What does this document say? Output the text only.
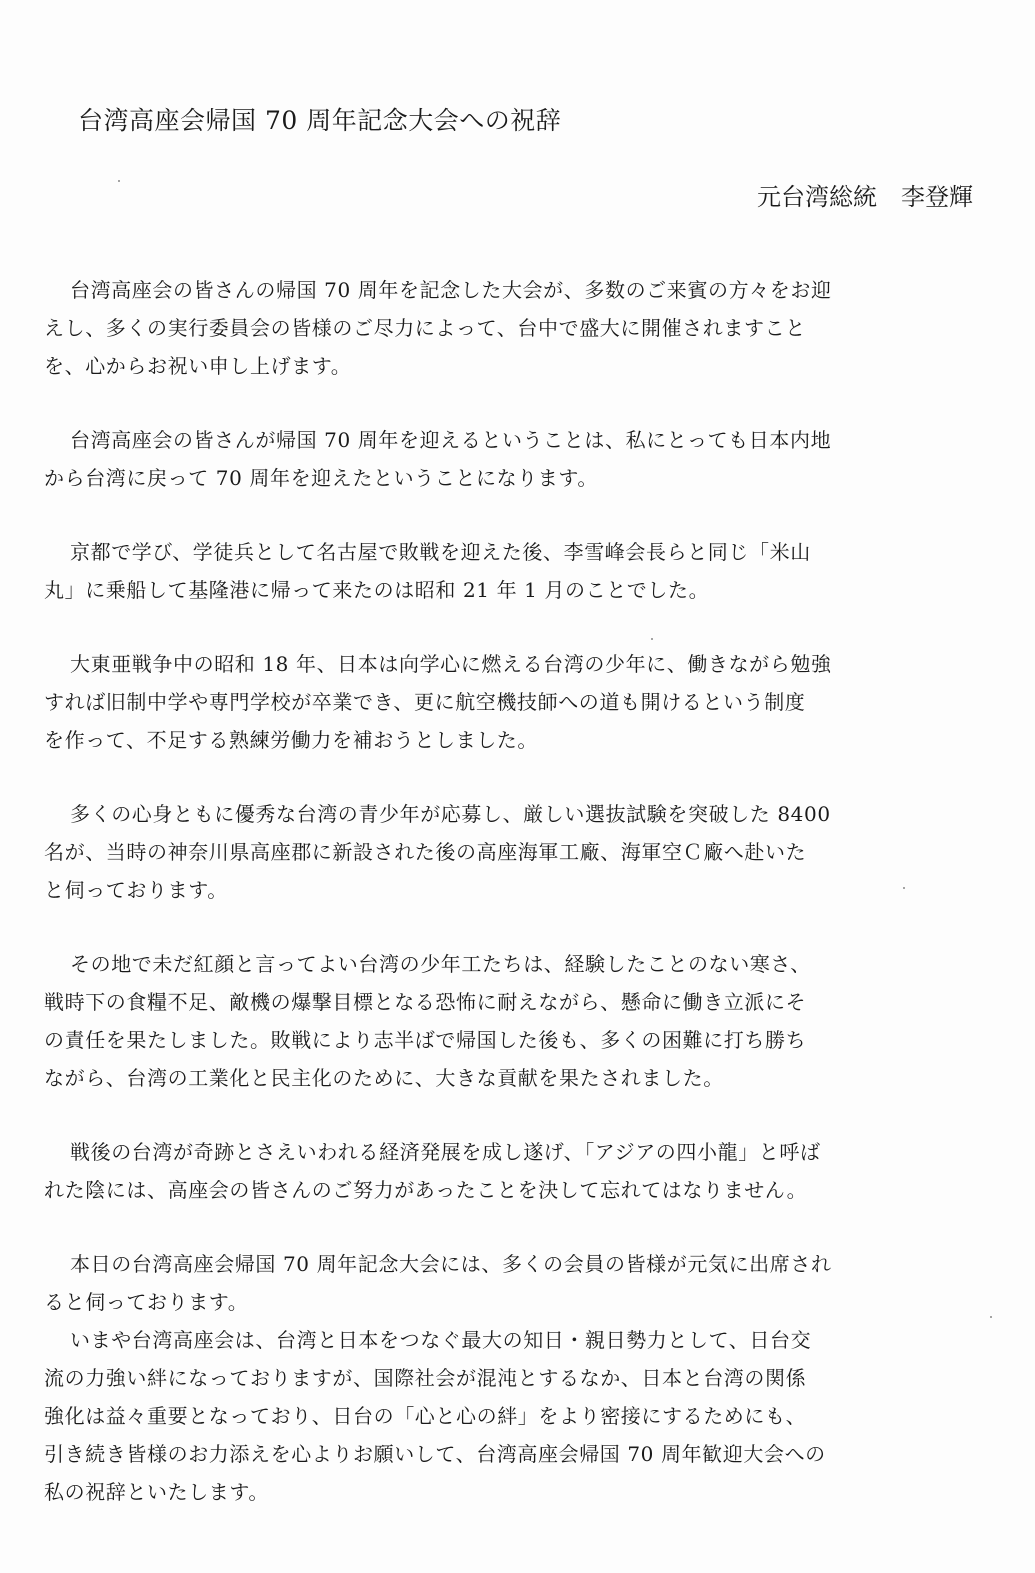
台湾高座会帰国 70 周年記念大会への祝辞
元台湾総統　李登輝
台湾高座会の皆さんの帰国 70 周年を記念した大会が、多数のご来賓の方々をお迎
えし、多くの実行委員会の皆様のご尽力によって、台中で盛大に開催されますこと
を、心からお祝い申し上げます。
台湾高座会の皆さんが帰国 70 周年を迎えるということは、私にとっても日本内地
から台湾に戻って 70 周年を迎えたということになります。
京都で学び、学徒兵として名古屋で敗戦を迎えた後、李雪峰会長らと同じ「米山
丸」に乗船して基隆港に帰って来たのは昭和 21 年 1 月のことでした。
大東亜戦争中の昭和 18 年、日本は向学心に燃える台湾の少年に、働きながら勉強
すれば旧制中学や専門学校が卒業でき、更に航空機技師への道も開けるという制度
を作って、不足する熟練労働力を補おうとしました。
多くの心身ともに優秀な台湾の青少年が応募し、厳しい選抜試験を突破した 8400
名が、当時の神奈川県高座郡に新設された後の高座海軍工廠、海軍空Ｃ廠へ赴いた
と伺っております。
その地で未だ紅顔と言ってよい台湾の少年工たちは、経験したことのない寒さ、
戦時下の食糧不足、敵機の爆撃目標となる恐怖に耐えながら、懸命に働き立派にそ
の責任を果たしました。敗戦により志半ばで帰国した後も、多くの困難に打ち勝ち
ながら、台湾の工業化と民主化のために、大きな貢献を果たされました。
戦後の台湾が奇跡とさえいわれる経済発展を成し遂げ、「アジアの四小龍」と呼ば
れた陰には、高座会の皆さんのご努力があったことを決して忘れてはなりません。
本日の台湾高座会帰国 70 周年記念大会には、多くの会員の皆様が元気に出席され
ると伺っております。
いまや台湾高座会は、台湾と日本をつなぐ最大の知日・親日勢力として、日台交
流の力強い絆になっておりますが、国際社会が混沌とするなか、日本と台湾の関係
強化は益々重要となっており、日台の「心と心の絆」をより密接にするためにも、
引き続き皆様のお力添えを心よりお願いして、台湾高座会帰国 70 周年歓迎大会への
私の祝辞といたします。
